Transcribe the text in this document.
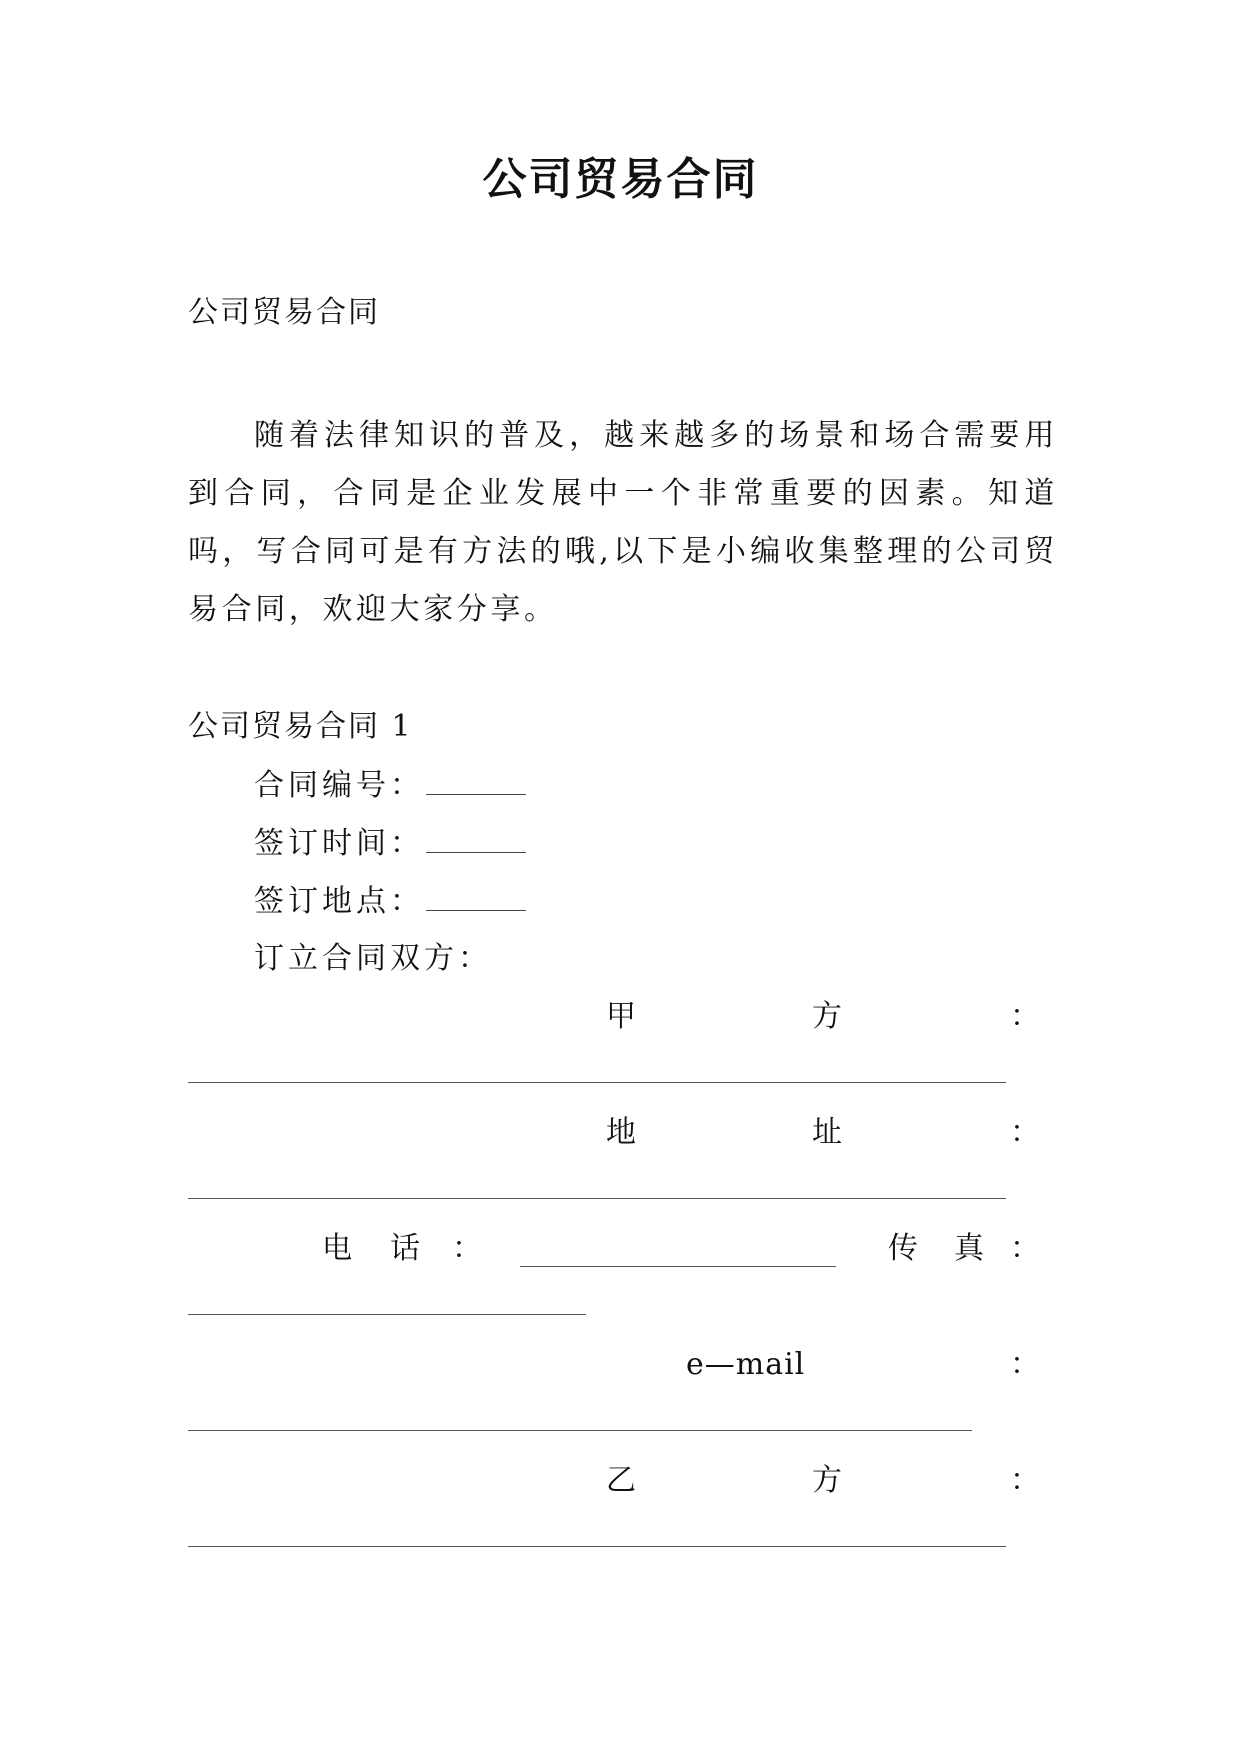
公司贸易合同
公司贸易合同

随着法律知识的普及，越来越多的场景和场合需要用到合同，合同是企业发展中一个非常重要的因素。知道吗，写合同可是有方法的哦,以下是小编收集整理的公司贸易合同，欢迎大家分享。

公司贸易合同 1
合同编号：
签订时间：
签订地点：
订立合同双方：
甲	方	：
地	址	：
电 话 ：	传 真 ：
e—mail	：
乙	方	：
